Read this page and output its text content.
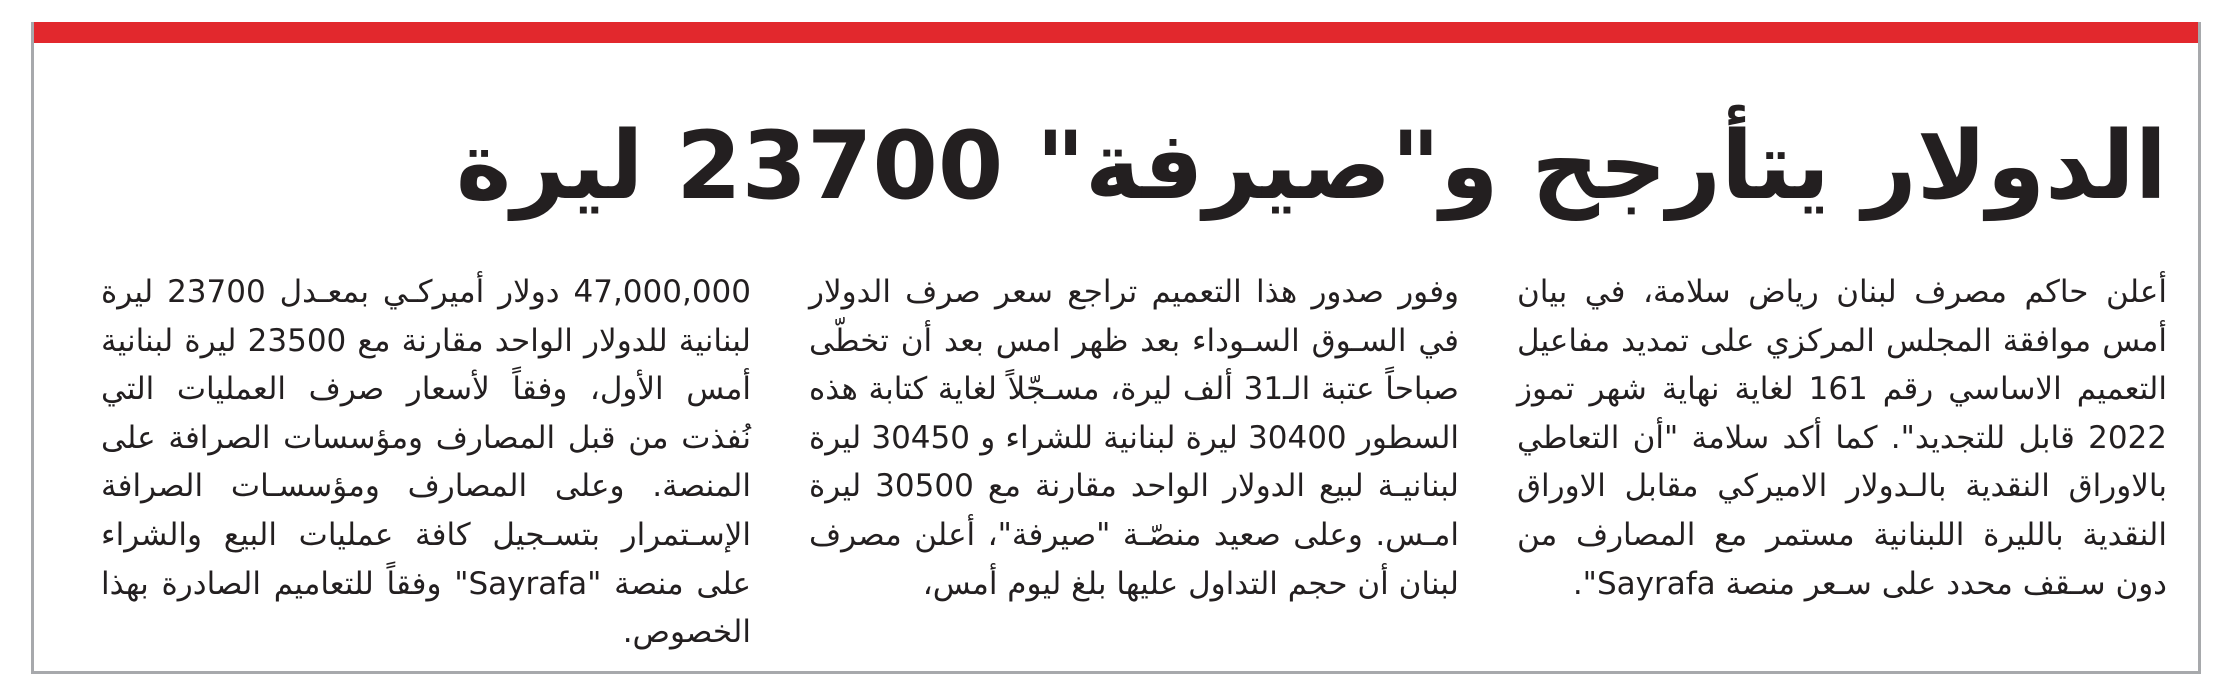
الدولار يتأرجح و"صيرفة" 23700 ليرة

أعلن حاكم مصرف لبنان رياض سلامة، في بيان أمس موافقة المجلس المركزي على تمديد مفاعيل التعميم الاساسي رقم 161 لغاية نهاية شهر تموز 2022 قابل للتجديد". كما أكد سلامة "أن التعاطي بالاوراق النقدية بالـدولار الاميركي مقابل الاوراق النقدية بالليرة اللبنانية مستمر مع المصارف من دون سـقف محدد على سـعر منصة Sayrafa".

وفور صدور هذا التعميم تراجع سعر صرف الدولار في السـوق السـوداء بعد ظهر امس بعد أن تخطّى صباحاً عتبة الـ31 ألف ليرة، مسـجّلاً لغاية كتابة هذه السطور 30400 ليرة لبنانية للشراء و 30450 ليرة لبنانيـة لبيع الدولار الواحد مقارنة مع 30500 ليرة امـس. وعلى صعيد منصّـة "صيرفة"، أعلن مصرف لبنان أن حجم التداول عليها بلغ ليوم أمس،

47,000,000 دولار أميركـي بمعـدل 23700 ليرة لبنانية للدولار الواحد مقارنة مع 23500 ليرة لبنانية أمس الأول، وفقاً لأسعار صرف العمليات التي نُفذت من قبل المصارف ومؤسسات الصرافة على المنصة. وعلى المصارف ومؤسسـات الصرافة الإسـتمرار بتسـجيل كافة عمليات البيع والشراء على منصة "Sayrafa" وفقاً للتعاميم الصادرة بهذا الخصوص.
